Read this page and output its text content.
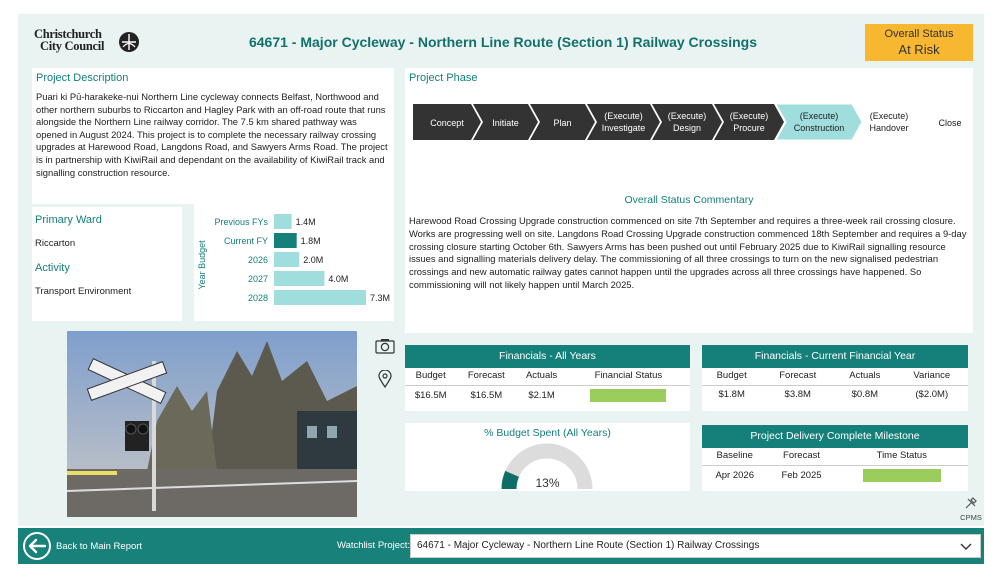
Christchurch
City Council	64671 - Major Cycleway - Northern Line Route (Section 1) Railway Crossings	Overall Status
At Risk
Project Description
Puari ki Pū-harakeke-nui Northern Line cycleway connects Belfast, Northwood and other northern suburbs to Riccarton and Hagley Park with an off-road route that runs alongside the Northern Line railway corridor. The 7.5 km shared pathway was opened in August 2024. This project is to complete the necessary railway crossing upgrades at Harewood Road, Langdons Road, and Sawyers Arms Road. The project is in partnership with KiwiRail and dependant on the availability of KiwiRail track and signalling construction resource.
Primary Ward
Riccarton
Activity
Transport Environment
Year Budget
Previous FYs	1.4M
Current FY	1.8M
2026	2.0M
2027	4.0M
2028	7.3M
Project Phase
Concept	Initiate	Plan
(Execute)
Investigate
(Execute)
Design
(Execute)
Procure
(Execute)
Construction
(Execute)
Handover	Close
Overall Status Commentary
Harewood Road Crossing Upgrade construction commenced on site 7th September and requires a three-week rail crossing closure. Works are progressing well on site. Langdons Road Crossing Upgrade construction commenced 18th September and requires a 9-day crossing closure starting October 6th. Sawyers Arms has been pushed out until February 2025 due to KiwiRail signalling resource issues and signalling materials delivery delay. The commissioning of all three crossings to turn on the new signalised pedestrian crossings and new automatic railway gates cannot happen until the upgrades across all three crossings have happened. So commissioning will not likely happen until March 2025.
Financials - All Years
Budget	Forecast	Actuals	Financial Status
$16.5M	$16.5M	$2.1M	
Financials - Current Financial Year
Budget	Forecast	Actuals	Variance
$1.8M	$3.8M	$0.8M	($2.0M)
% Budget Spent (All Years)
13%
Project Delivery Complete Milestone
Baseline	Forecast	Time Status
Apr 2026	Feb 2025	
CPMS
Back to Main Report	Watchlist Project: 64671 - Major Cycleway - Northern Line Route (Section 1) Railway Crossings
